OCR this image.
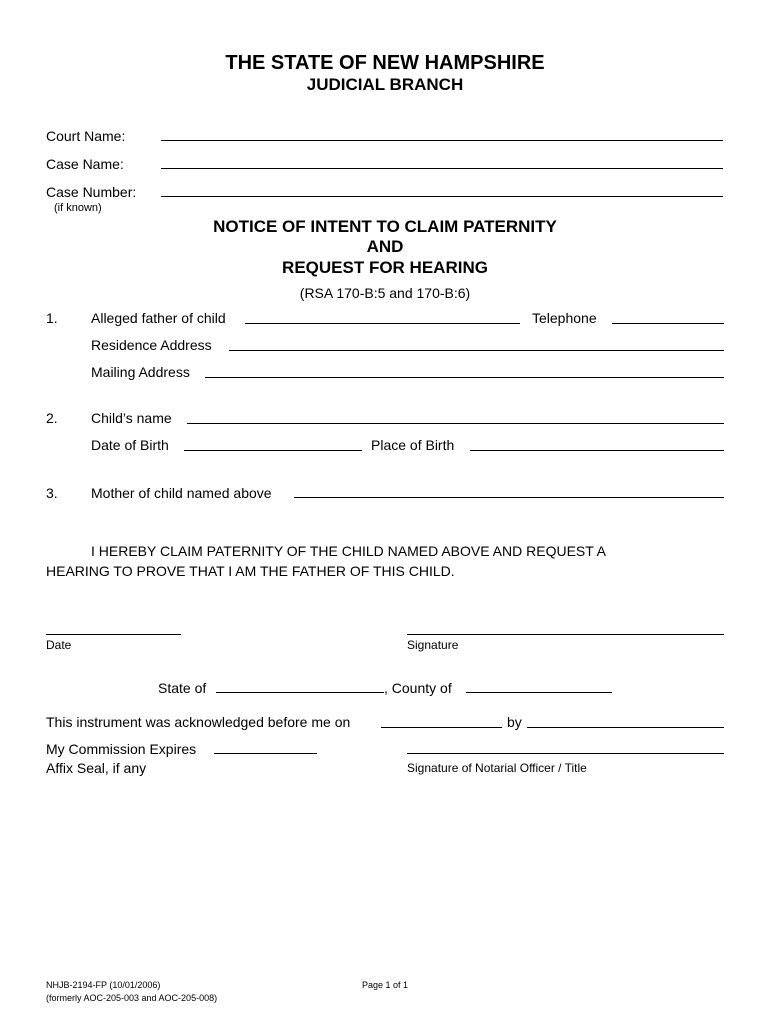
THE STATE OF NEW HAMPSHIRE
JUDICIAL BRANCH
Court Name:
Case Name:
Case Number:
(if known)
NOTICE OF INTENT TO CLAIM PATERNITY
AND
REQUEST FOR HEARING
(RSA 170-B:5 and 170-B:6)
1. Alleged father of child	Telephone
Residence Address
Mailing Address
2. Child’s name
Date of Birth	Place of Birth
3. Mother of child named above
I HEREBY CLAIM PATERNITY OF THE CHILD NAMED ABOVE AND REQUEST A
HEARING TO PROVE THAT I AM THE FATHER OF THIS CHILD.
Date	Signature
State of	, County of
This instrument was acknowledged before me on	by
My Commission Expires
Affix Seal, if any	Signature of Notarial Officer / Title
NHJB-2194-FP (10/01/2006)
(formerly AOC-205-003 and AOC-205-008)
Page 1 of 1
